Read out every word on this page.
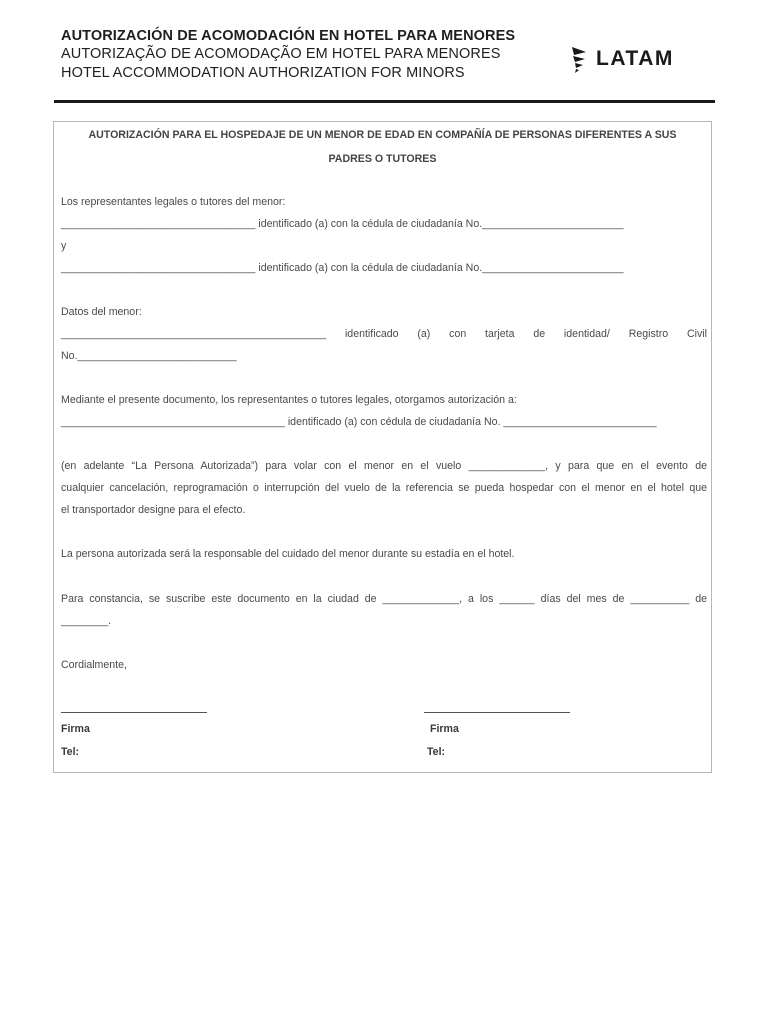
AUTORIZACIÓN DE ACOMODACIÓN EN HOTEL PARA MENORES
AUTORIZAÇÃO DE ACOMODAÇÃO EM HOTEL PARA MENORES
HOTEL ACCOMMODATION AUTHORIZATION FOR MINORS
LATAM
AUTORIZACIÓN PARA EL HOSPEDAJE DE UN MENOR DE EDAD EN COMPAÑÍA DE PERSONAS DIFERENTES A SUS
PADRES O TUTORES

Los representantes legales o tutores del menor:

_________________________________ identificado (a) con la cédula de ciudadanía No.________________________

y

_________________________________ identificado (a) con la cédula de ciudadanía No.________________________

Datos del menor:

_____________________________________________ identificado (a) con tarjeta de identidad/ Registro Civil

No.___________________________

Mediante el presente documento, los representantes o tutores legales, otorgamos autorización a:

______________________________________ identificado (a) con cédula de ciudadanía No. __________________________

(en adelante “La Persona Autorizada”) para volar con el menor en el vuelo _____________, y para que en el evento de

cualquier cancelación, reprogramación o interrupción del vuelo de la referencia se pueda hospedar con el menor en el hotel que

el transportador designe para el efecto.

La persona autorizada será la responsable del cuidado del menor durante su estadía en el hotel.

Para constancia, se suscribe este documento en la ciudad de _____________, a los ______ días del mes de __________ de

________.

Cordialmente,

Firma
Tel:
Firma
Tel:
